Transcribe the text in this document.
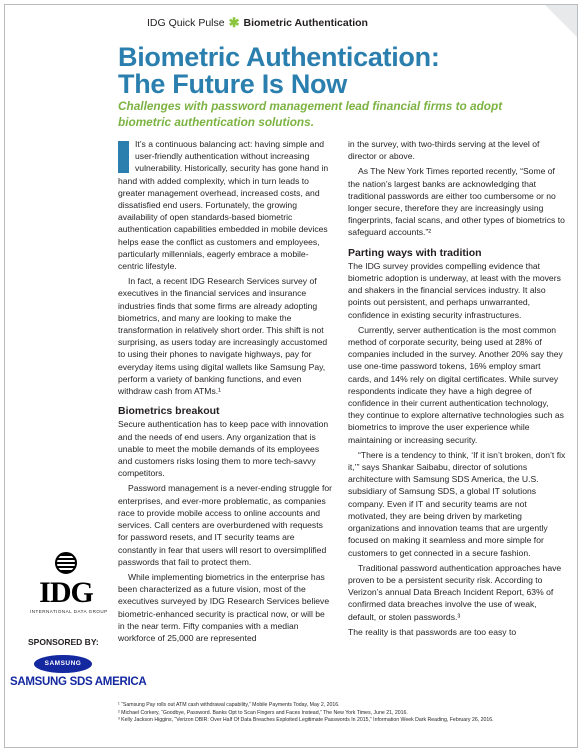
IDG Quick Pulse ✱ Biometric Authentication
Biometric Authentication:
The Future Is Now

Challenges with password management lead financial firms to adopt biometric authentication solutions.

It’s a continuous balancing act: having simple and user-friendly authentication without increasing vulnerability. Historically, security has gone hand in hand with added complexity, which in turn leads to greater management overhead, increased costs, and dissatisfied end users. Fortunately, the growing availability of open standards-based biometric authentication capabilities embedded in mobile devices helps ease the conflict as customers and employees, particularly millennials, eagerly embrace a mobile-centric lifestyle.

In fact, a recent IDG Research Services survey of executives in the financial services and insurance industries finds that some firms are already adopting biometrics, and many are looking to make the transformation in relatively short order. This shift is not surprising, as users today are increasingly accustomed to using their phones to navigate highways, pay for everyday items using digital wallets like Samsung Pay, perform a variety of banking functions, and even withdraw cash from ATMs.¹

Biometrics breakout

Secure authentication has to keep pace with innovation and the needs of end users. Any organization that is unable to meet the mobile demands of its employees and customers risks losing them to more tech-savvy competitors.

Password management is a never-ending struggle for enterprises, and ever-more problematic, as companies race to provide mobile access to online accounts and services. Call centers are overburdened with requests for password resets, and IT security teams are constantly in fear that users will resort to oversimplified passwords that fail to protect them.

While implementing biometrics in the enterprise has been characterized as a future vision, most of the executives surveyed by IDG Research Services believe biometric-enhanced security is practical now, or will be in the near term. Fifty companies with a median workforce of 25,000 are represented

in the survey, with two-thirds serving at the level of director or above.

As The New York Times reported recently, “Some of the nation’s largest banks are acknowledging that traditional passwords are either too cumbersome or no longer secure, therefore they are increasingly using fingerprints, facial scans, and other types of biometrics to safeguard accounts.”²

Parting ways with tradition

The IDG survey provides compelling evidence that biometric adoption is underway, at least with the movers and shakers in the financial services industry. It also points out persistent, and perhaps unwarranted, confidence in existing security infrastructures.

Currently, server authentication is the most common method of corporate security, being used at 28% of companies included in the survey. Another 20% say they use one-time password tokens, 16% employ smart cards, and 14% rely on digital certificates. While survey respondents indicate they have a high degree of confidence in their current authentication technology, they continue to explore alternative technologies such as biometrics to improve the user experience while maintaining or increasing security.

“There is a tendency to think, ‘If it isn’t broken, don’t fix it,’” says Shankar Saibabu, director of solutions architecture with Samsung SDS America, the U.S. subsidiary of Samsung SDS, a global IT solutions company. Even if IT and security teams are not motivated, they are being driven by marketing organizations and innovation teams that are urgently focused on making it seamless and more simple for customers to get connected in a secure fashion.

Traditional password authentication approaches have proven to be a persistent security risk. According to Verizon’s annual Data Breach Incident Report, 63% of confirmed data breaches involve the use of weak, default, or stolen passwords.³

The reality is that passwords are too easy to

IDG
INTERNATIONAL DATA GROUP
SPONSORED BY:
SAMSUNG
SAMSUNG SDS AMERICA
¹ “Samsung Pay rolls out ATM cash withdrawal capability,” Mobile Payments Today, May 2, 2016.
² Michael Corkery, “Goodbye, Password. Banks Opt to Scan Fingers and Faces Instead,” The New York Times, June 21, 2016.
³ Kelly Jackson Higgins, “Verizon DBIR: Over Half Of Data Breaches Exploited Legitimate Passwords In 2015,” Information Week Dark Reading, February 26, 2016.
